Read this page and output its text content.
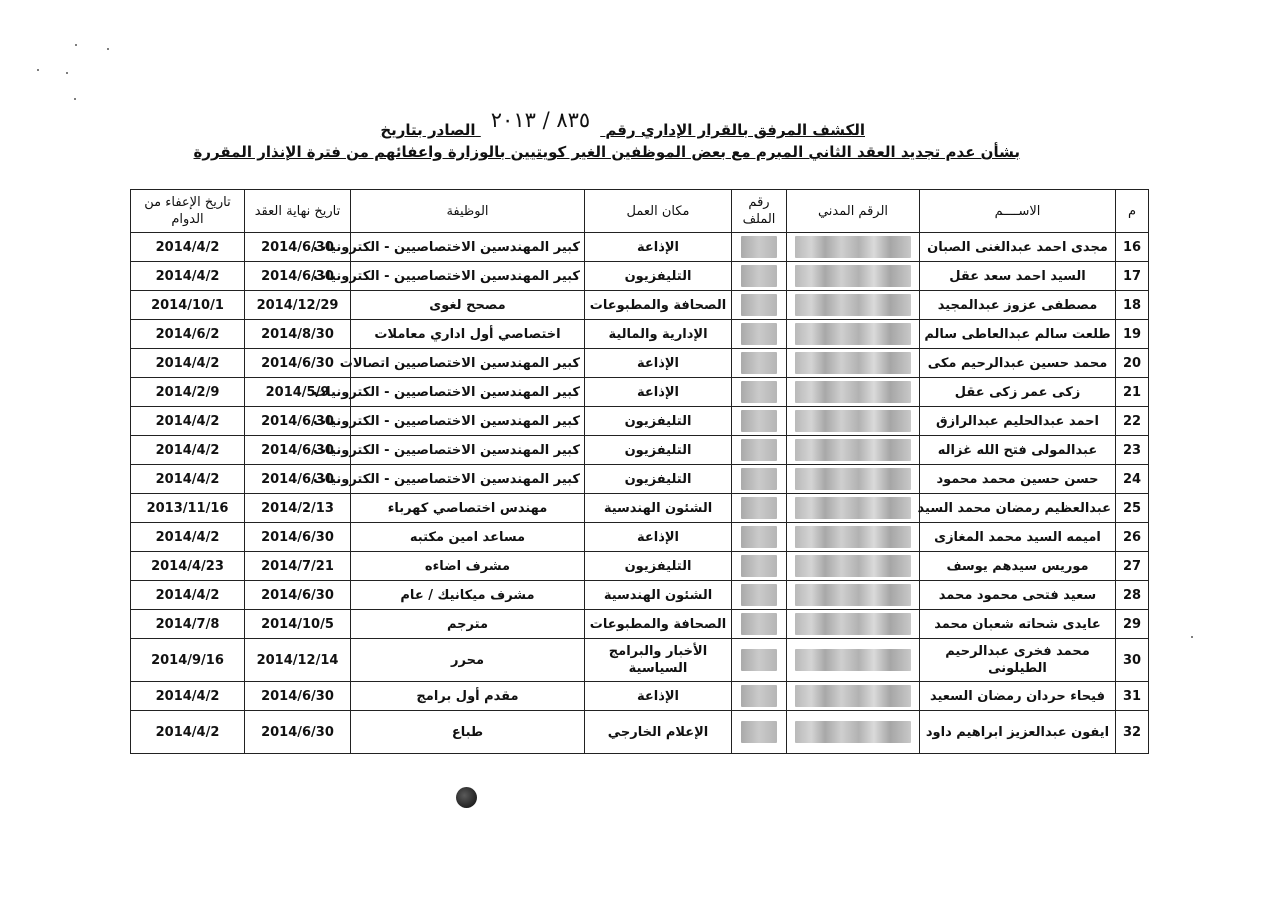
الكشف المرفق بالقرار الإداري رقم ٨٣٥ / ٢٠١٣ الصادر بتاريخ
بشأن عدم تجديد العقد الثاني المبرم مع بعض الموظفين الغير كويتيين بالوزارة واعفائهم من فترة الإنذار المقررة
م	الاســــم	الرقم المدني	رقم الملف	مكان العمل	الوظيفة	تاريخ نهاية العقد	تاريخ الإعفاء من الدوام
16	مجدى احمد عبدالغنى الصبان			الإذاعة	كبير المهندسين الاختصاصيين - الكترونيات	2014/6/30	2014/4/2
17	السيد احمد سعد عقل			التليفزيون	كبير المهندسين الاختصاصيين - الكترونيات	2014/6/30	2014/4/2
18	مصطفى عزوز عبدالمجيد			الصحافة والمطبوعات	مصحح لغوى	2014/12/29	2014/10/1
19	طلعت سالم عبدالعاطى سالم			الإدارية والمالية	اختصاصي أول اداري معاملات	2014/8/30	2014/6/2
20	محمد حسين عبدالرحيم مكى			الإذاعة	كبير المهندسين الاختصاصيين اتصالات	2014/6/30	2014/4/2
21	زكى عمر زكى عقل			الإذاعة	كبير المهندسين الاختصاصيين - الكترونيات	2014/5/9	2014/2/9
22	احمد عبدالحليم عبدالرازق			التليفزيون	كبير المهندسين الاختصاصيين - الكترونيات	2014/6/30	2014/4/2
23	عبدالمولى فتح الله غزاله			التليفزيون	كبير المهندسين الاختصاصيين - الكترونيات	2014/6/30	2014/4/2
24	حسن حسين محمد محمود			التليفزيون	كبير المهندسين الاختصاصيين - الكترونيات	2014/6/30	2014/4/2
25	عبدالعظيم رمضان محمد السيد			الشئون الهندسية	مهندس اختصاصي كهرباء	2014/2/13	2013/11/16
26	اميمه السيد محمد المغازى			الإذاعة	مساعد امين مكتبه	2014/6/30	2014/4/2
27	موريس سيدهم يوسف			التليفزيون	مشرف اضاءه	2014/7/21	2014/4/23
28	سعيد فتحى محمود محمد			الشئون الهندسية	مشرف ميكانيك / عام	2014/6/30	2014/4/2
29	عايدى شحاته شعبان محمد			الصحافة والمطبوعات	مترجم	2014/10/5	2014/7/8
30	محمد فخرى عبدالرحيم الطيلونى			الأخبار والبرامج السياسية	محرر	2014/12/14	2014/9/16
31	فيحاء حردان رمضان السعيد			الإذاعة	مقدم أول برامج	2014/6/30	2014/4/2
32	ايفون عبدالعزيز ابراهيم داود			الإعلام الخارجي	طباع	2014/6/30	2014/4/2
